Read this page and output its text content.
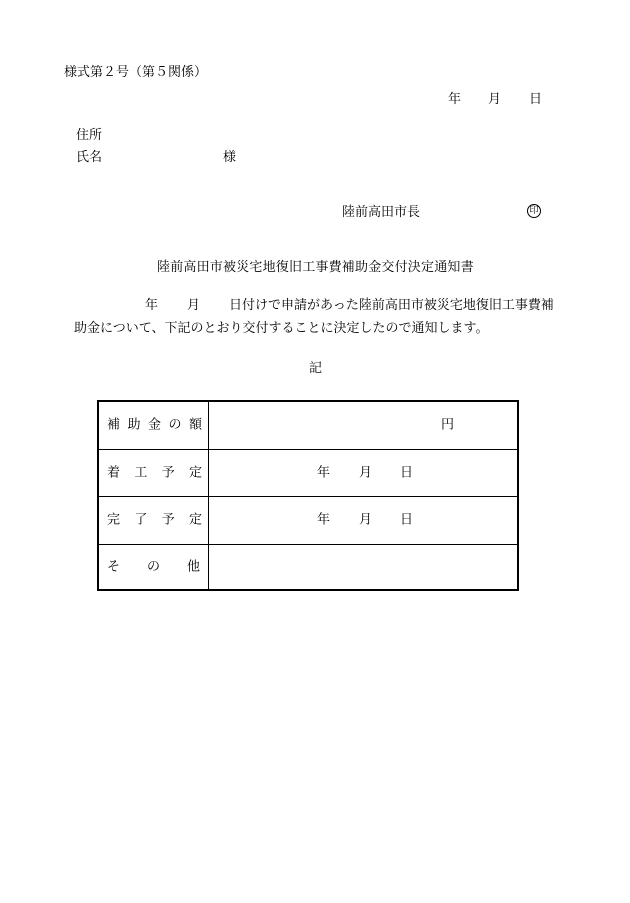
様式第２号（第５関係）
年 月 日
住所
氏名	様
陸前高田市長	印
陸前高田市被災宅地復旧工事費補助金交付決定通知書
年 月 日付けで申請があった陸前高田市被災宅地復旧工事費補
助金について、下記のとおり交付することに決定したので通知します。
記
補 助 金 の 額	円
着 工 予 定	年 月 日
完 了 予 定	年 月 日
そ の 他
